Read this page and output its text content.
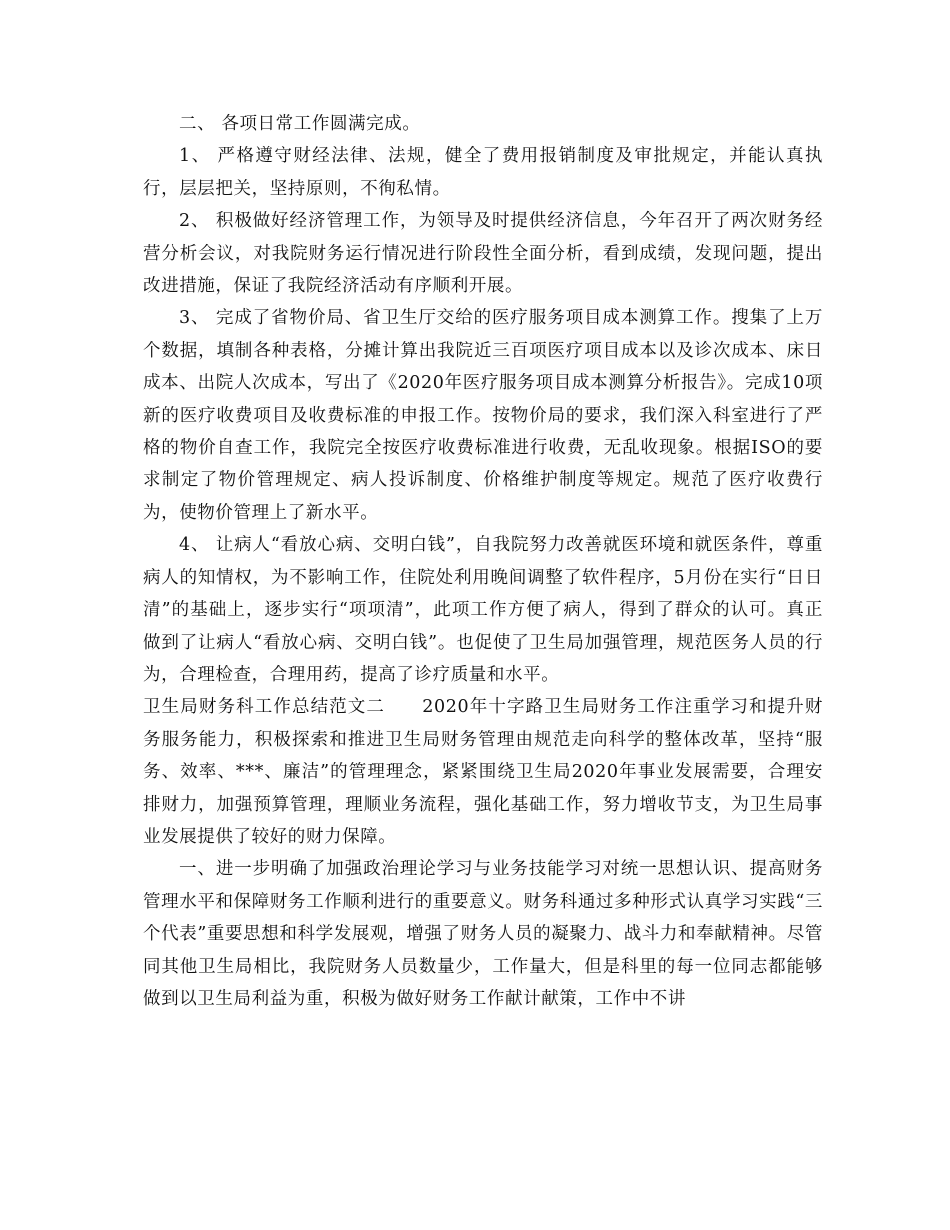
二、 各项日常工作圆满完成。

1、 严格遵守财经法律、法规，健全了费用报销制度及审批规定，并能认真执行，层层把关，坚持原则，不徇私情。

2、 积极做好经济管理工作，为领导及时提供经济信息，今年召开了两次财务经营分析会议，对我院财务运行情况进行阶段性全面分析，看到成绩，发现问题，提出改进措施，保证了我院经济活动有序顺利开展。

3、 完成了省物价局、省卫生厅交给的医疗服务项目成本测算工作。搜集了上万个数据，填制各种表格，分摊计算出我院近三百项医疗项目成本以及诊次成本、床日成本、出院人次成本，写出了《2020年医疗服务项目成本测算分析报告》。完成10项新的医疗收费项目及收费标准的申报工作。按物价局的要求，我们深入科室进行了严格的物价自查工作，我院完全按医疗收费标准进行收费，无乱收现象。根据ISO的要求制定了物价管理规定、病人投诉制度、价格维护制度等规定。规范了医疗收费行为，使物价管理上了新水平。

4、 让病人“看放心病、交明白钱”，自我院努力改善就医环境和就医条件，尊重病人的知情权，为不影响工作，住院处利用晚间调整了软件程序，5月份在实行“日日清”的基础上，逐步实行“项项清”，此项工作方便了病人，得到了群众的认可。真正做到了让病人“看放心病、交明白钱”。也促使了卫生局加强管理，规范医务人员的行为，合理检查，合理用药，提高了诊疗质量和水平。

卫生局财务科工作总结范文二　　2020年十字路卫生局财务工作注重学习和提升财务服务能力，积极探索和推进卫生局财务管理由规范走向科学的整体改革，坚持“服务、效率、***、廉洁”的管理理念，紧紧围绕卫生局2020年事业发展需要，合理安排财力，加强预算管理，理顺业务流程，强化基础工作，努力增收节支，为卫生局事业发展提供了较好的财力保障。

一、进一步明确了加强政治理论学习与业务技能学习对统一思想认识、提高财务管理水平和保障财务工作顺利进行的重要意义。财务科通过多种形式认真学习实践“三个代表”重要思想和科学发展观，增强了财务人员的凝聚力、战斗力和奉献精神。尽管同其他卫生局相比，我院财务人员数量少，工作量大，但是科里的每一位同志都能够做到以卫生局利益为重，积极为做好财务工作献计献策，工作中不讲
